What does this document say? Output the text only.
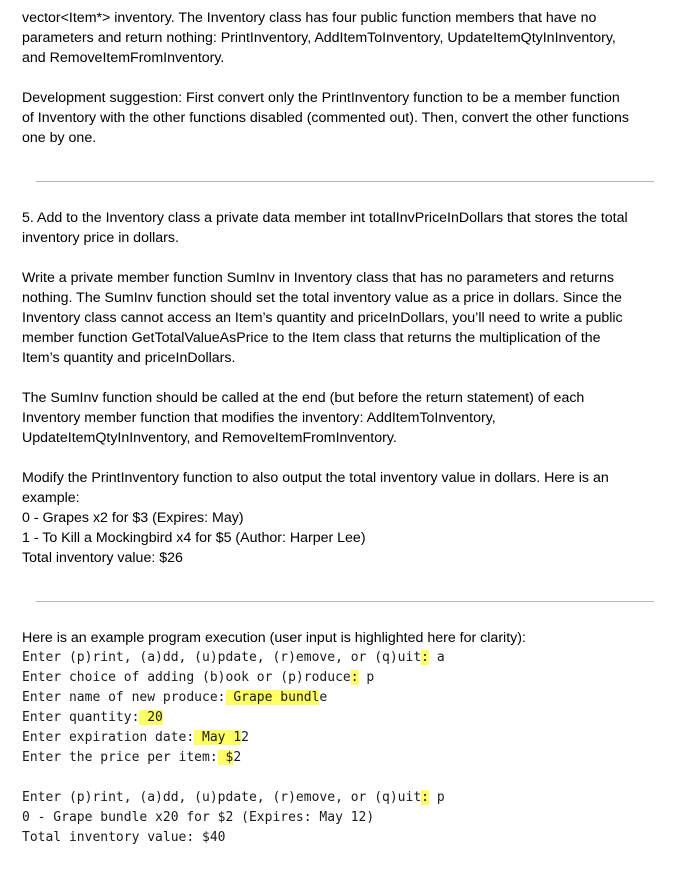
vector<Item*> inventory. The Inventory class has four public function members that have no

parameters and return nothing: PrintInventory, AddItemToInventory, UpdateItemQtyInInventory,

and RemoveItemFromInventory.

Development suggestion: First convert only the PrintInventory function to be a member function

of Inventory with the other functions disabled (commented out). Then, convert the other functions

one by one.

5. Add to the Inventory class a private data member int totalInvPriceInDollars that stores the total

inventory price in dollars.

Write a private member function SumInv in Inventory class that has no parameters and returns

nothing. The SumInv function should set the total inventory value as a price in dollars. Since the

Inventory class cannot access an Item’s quantity and priceInDollars, you’ll need to write a public

member function GetTotalValueAsPrice to the Item class that returns the multiplication of the

Item’s quantity and priceInDollars.

The SumInv function should be called at the end (but before the return statement) of each

Inventory member function that modifies the inventory: AddItemToInventory,

UpdateItemQtyInInventory, and RemoveItemFromInventory.

Modify the PrintInventory function to also output the total inventory value in dollars. Here is an

example:

0 - Grapes x2 for $3 (Expires: May)

1 - To Kill a Mockingbird x4 for $5 (Author: Harper Lee)

Total inventory value: $26

Here is an example program execution (user input is highlighted here for clarity):

Enter (p)rint, (a)dd, (u)pdate, (r)emove, or (q)uit: a

Enter choice of adding (b)ook or (p)roduce: p

Enter name of new produce: Grape bundle

Enter quantity: 20

Enter expiration date: May 12

Enter the price per item: $2

Enter (p)rint, (a)dd, (u)pdate, (r)emove, or (q)uit: p

0 - Grape bundle x20 for $2 (Expires: May 12)

Total inventory value: $40
